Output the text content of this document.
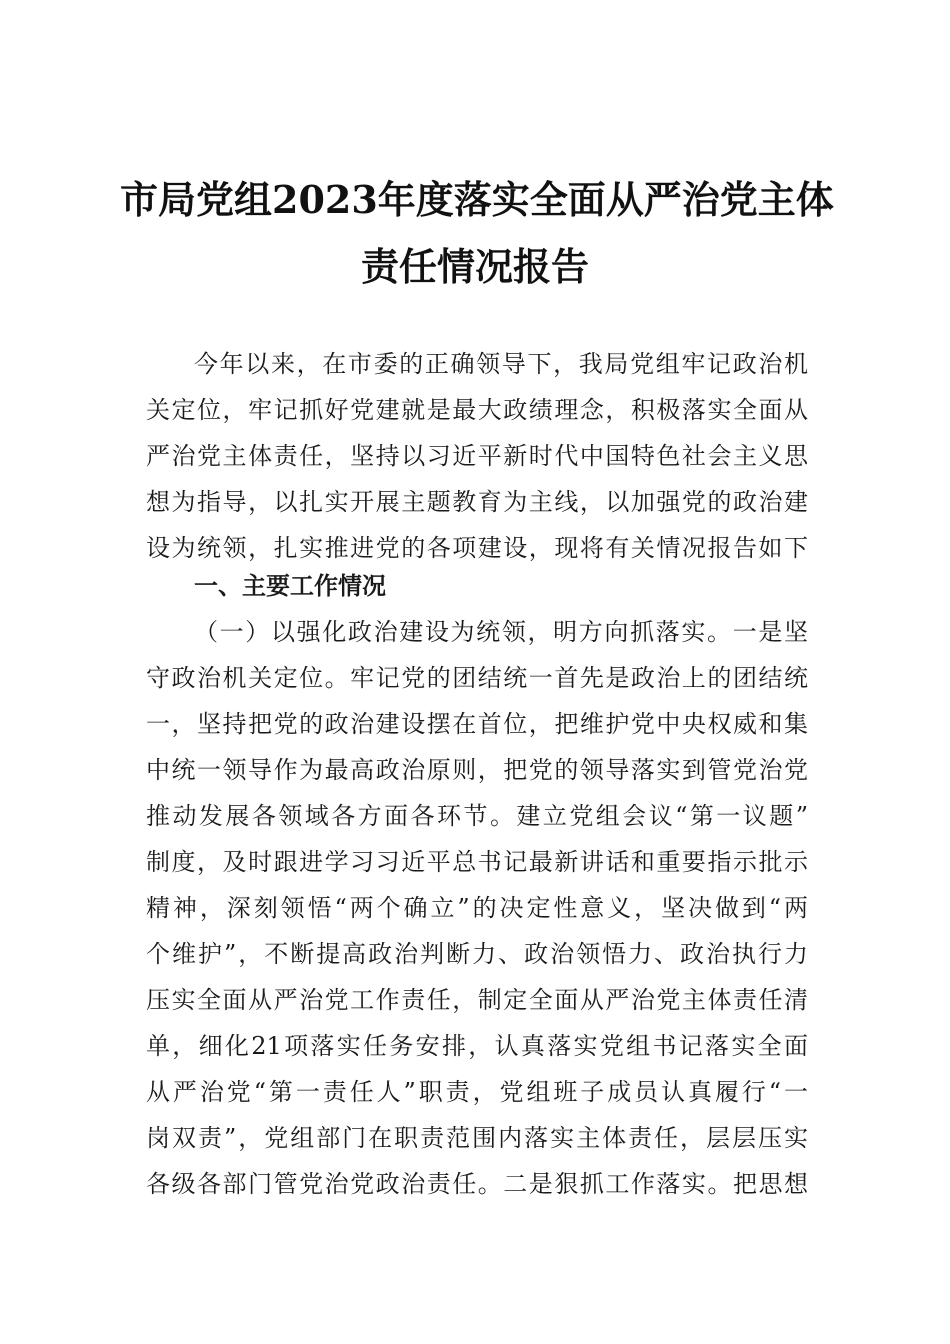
市局党组2023年度落实全面从严治党主体
责任情况报告
今年以来，在市委的正确领导下，我局党组牢记政治机
关定位，牢记抓好党建就是最大政绩理念，积极落实全面从
严治党主体责任，坚持以习近平新时代中国特色社会主义思
想为指导，以扎实开展主题教育为主线，以加强党的政治建
设为统领，扎实推进党的各项建设，现将有关情况报告如下
一、主要工作情况
（一）以强化政治建设为统领，明方向抓落实。一是坚
守政治机关定位。牢记党的团结统一首先是政治上的团结统
一，坚持把党的政治建设摆在首位，把维护党中央权威和集
中统一领导作为最高政治原则，把党的领导落实到管党治党
推动发展各领域各方面各环节。建立党组会议“第一议题”
制度，及时跟进学习习近平总书记最新讲话和重要指示批示
精神，深刻领悟“两个确立”的决定性意义，坚决做到“两
个维护”，不断提高政治判断力、政治领悟力、政治执行力
压实全面从严治党工作责任，制定全面从严治党主体责任清
单，细化21项落实任务安排，认真落实党组书记落实全面
从严治党“第一责任人”职责，党组班子成员认真履行“一
岗双责”，党组部门在职责范围内落实主体责任，层层压实
各级各部门管党治党政治责任。二是狠抓工作落实。把思想
